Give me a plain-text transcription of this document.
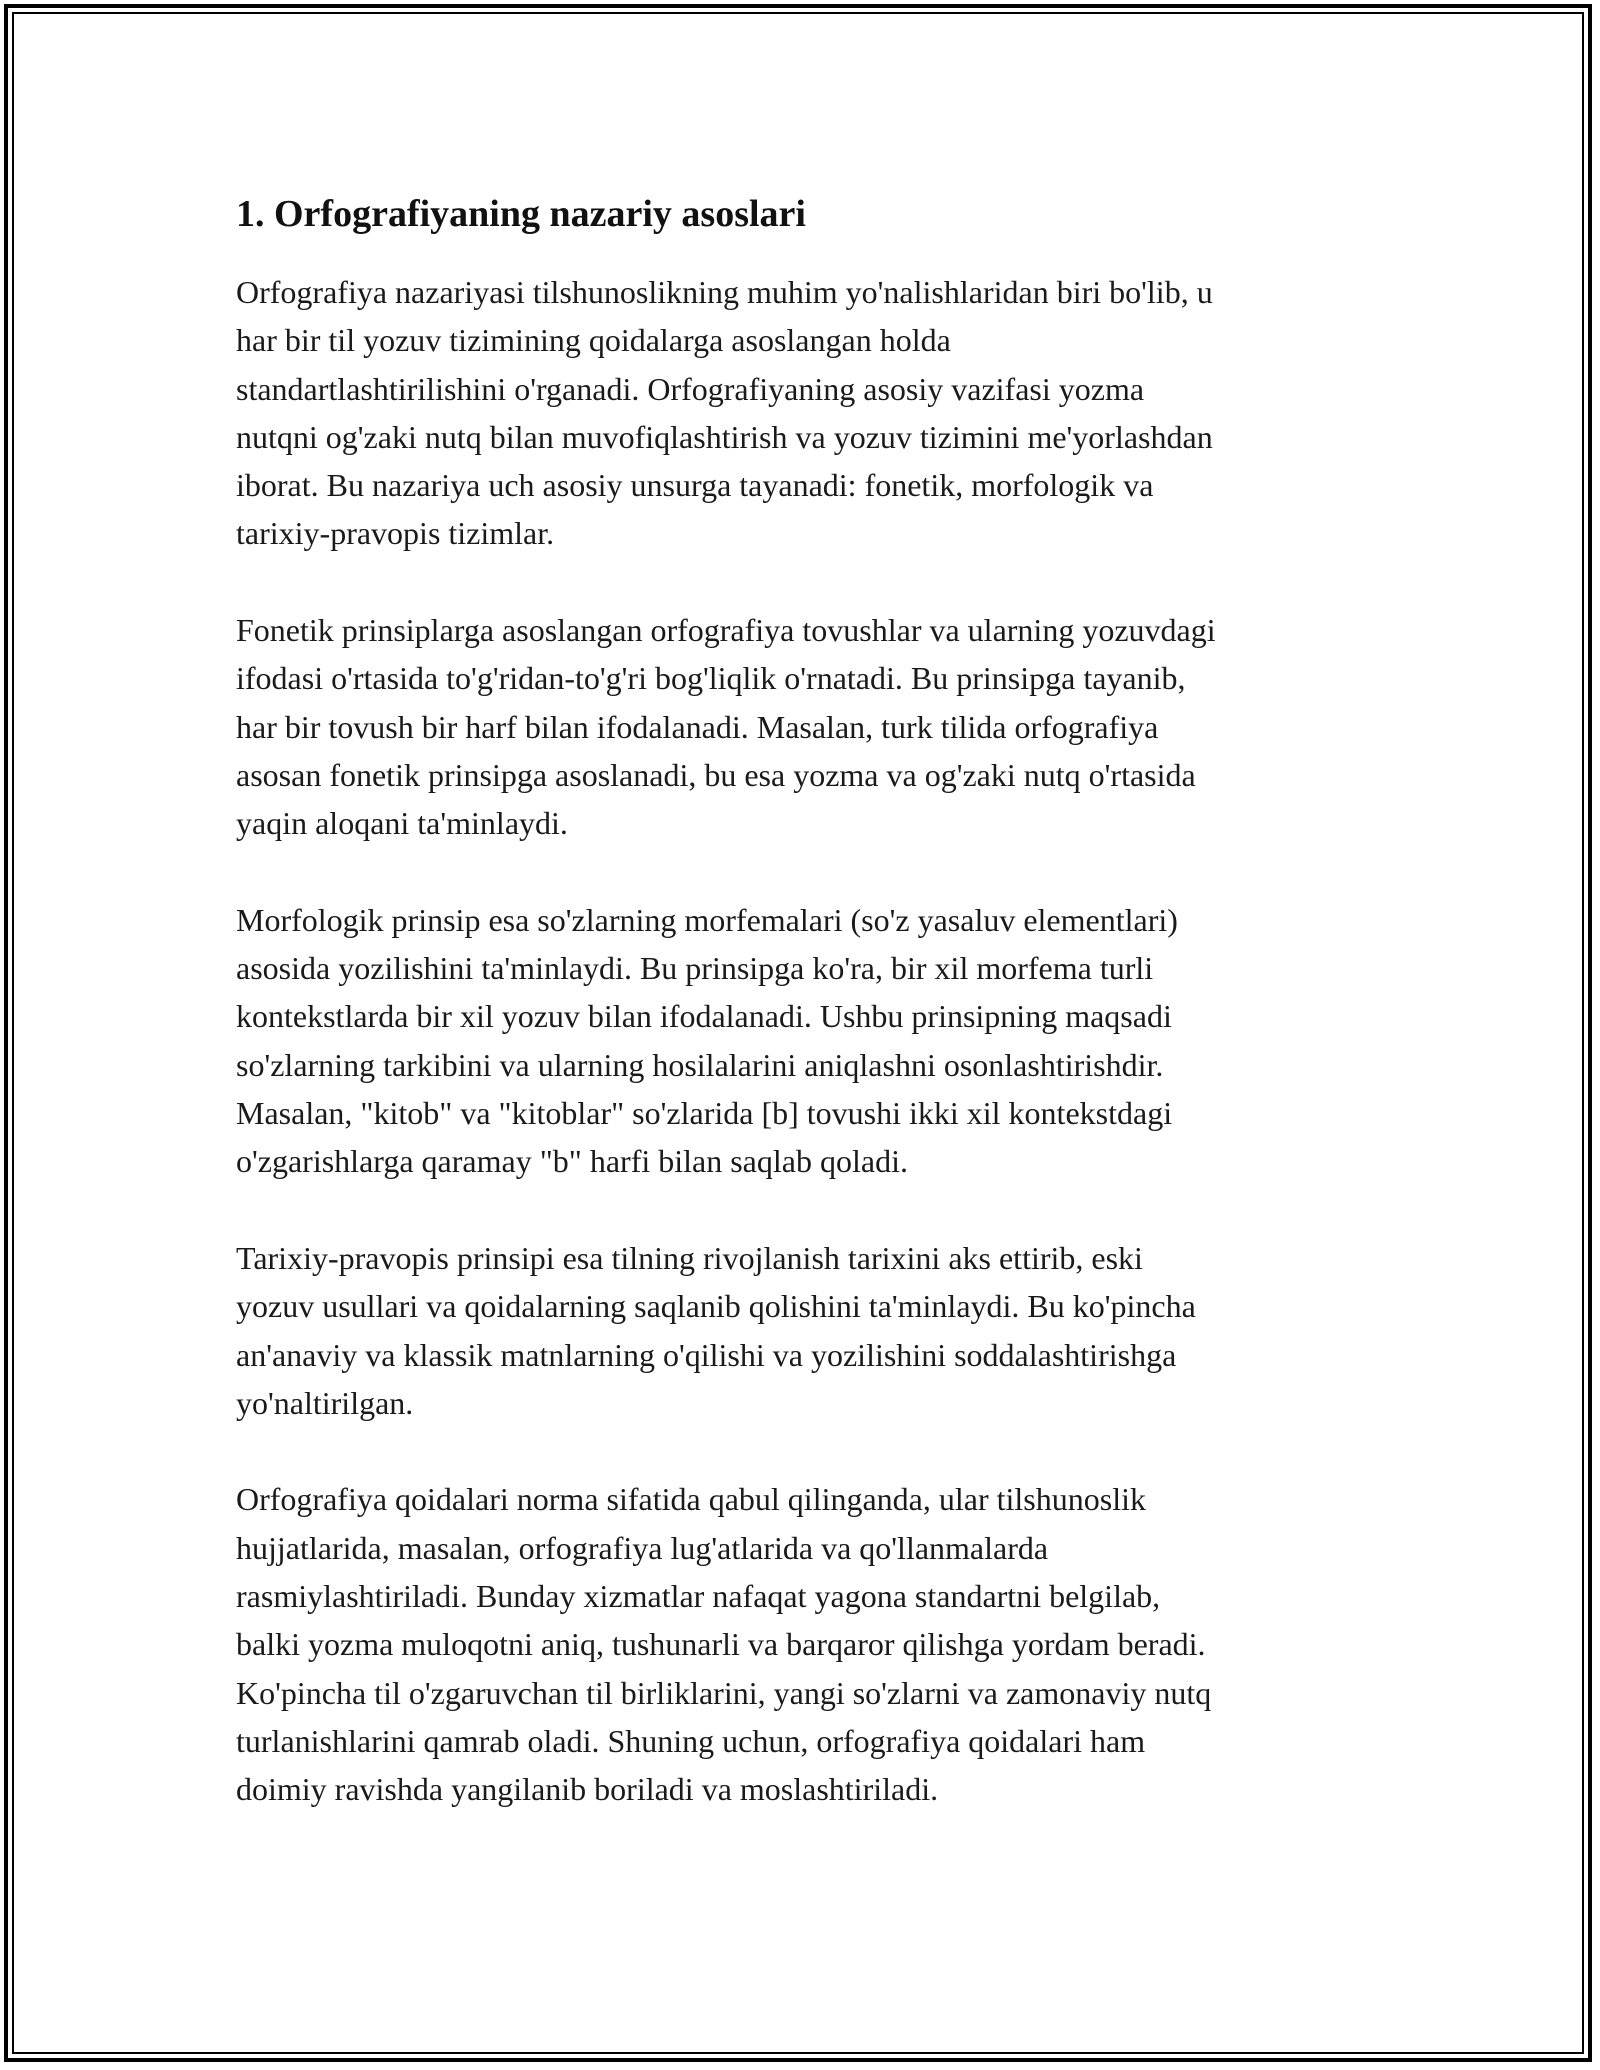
1. Orfografiyaning nazariy asoslari

Orfografiya nazariyasi tilshunoslikning muhim yo'nalishlaridan biri bo'lib, u
har bir til yozuv tizimining qoidalarga asoslangan holda
standartlashtirilishini o'rganadi. Orfografiyaning asosiy vazifasi yozma
nutqni og'zaki nutq bilan muvofiqlashtirish va yozuv tizimini me'yorlashdan
iborat. Bu nazariya uch asosiy unsurga tayanadi: fonetik, morfologik va
tarixiy-pravopis tizimlar.

Fonetik prinsiplarga asoslangan orfografiya tovushlar va ularning yozuvdagi
ifodasi o'rtasida to'g'ridan-to'g'ri bog'liqlik o'rnatadi. Bu prinsipga tayanib,
har bir tovush bir harf bilan ifodalanadi. Masalan, turk tilida orfografiya
asosan fonetik prinsipga asoslanadi, bu esa yozma va og'zaki nutq o'rtasida
yaqin aloqani ta'minlaydi.

Morfologik prinsip esa so'zlarning morfemalari (so'z yasaluv elementlari)
asosida yozilishini ta'minlaydi. Bu prinsipga ko'ra, bir xil morfema turli
kontekstlarda bir xil yozuv bilan ifodalanadi. Ushbu prinsipning maqsadi
so'zlarning tarkibini va ularning hosilalarini aniqlashni osonlashtirishdir.
Masalan, "kitob" va "kitoblar" so'zlarida [b] tovushi ikki xil kontekstdagi
o'zgarishlarga qaramay "b" harfi bilan saqlab qoladi.

Tarixiy-pravopis prinsipi esa tilning rivojlanish tarixini aks ettirib, eski
yozuv usullari va qoidalarning saqlanib qolishini ta'minlaydi. Bu ko'pincha
an'anaviy va klassik matnlarning o'qilishi va yozilishini soddalashtirishga
yo'naltirilgan.

Orfografiya qoidalari norma sifatida qabul qilinganda, ular tilshunoslik
hujjatlarida, masalan, orfografiya lug'atlarida va qo'llanmalarda
rasmiylashtiriladi. Bunday xizmatlar nafaqat yagona standartni belgilab,
balki yozma muloqotni aniq, tushunarli va barqaror qilishga yordam beradi.
Ko'pincha til o'zgaruvchan til birliklarini, yangi so'zlarni va zamonaviy nutq
turlanishlarini qamrab oladi. Shuning uchun, orfografiya qoidalari ham
doimiy ravishda yangilanib boriladi va moslashtiriladi.
